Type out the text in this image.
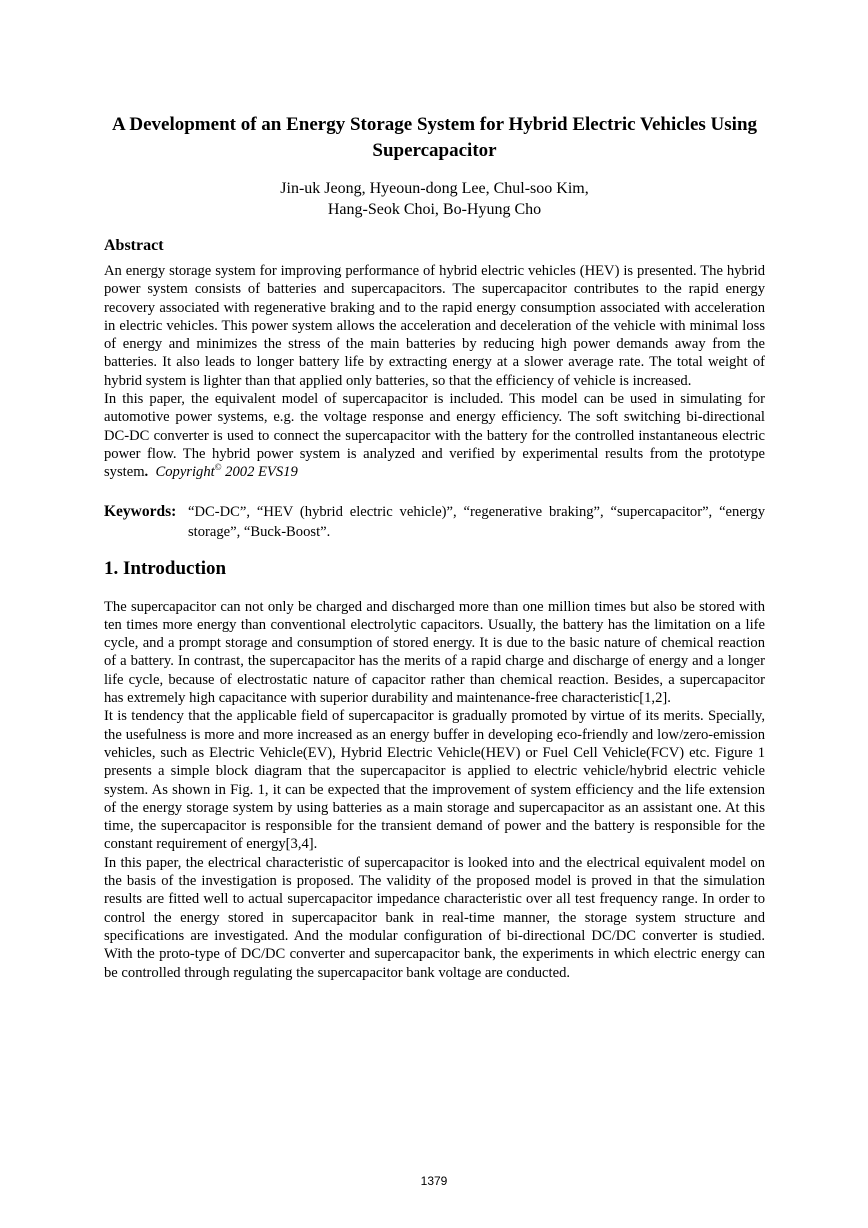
A Development of an Energy Storage System for Hybrid Electric Vehicles Using Supercapacitor
Jin-uk Jeong, Hyeoun-dong Lee, Chul-soo Kim,
Hang-Seok Choi, Bo-Hyung Cho
Abstract

An energy storage system for improving performance of hybrid electric vehicles (HEV) is presented. The hybrid power system consists of batteries and supercapacitors. The supercapacitor contributes to the rapid energy recovery associated with regenerative braking and to the rapid energy consumption associated with acceleration in electric vehicles. This power system allows the acceleration and deceleration of the vehicle with minimal loss of energy and minimizes the stress of the main batteries by reducing high power demands away from the batteries. It also leads to longer battery life by extracting energy at a slower average rate. The total weight of hybrid system is lighter than that applied only batteries, so that the efficiency of vehicle is increased.

In this paper, the equivalent model of supercapacitor is included. This model can be used in simulating for automotive power systems, e.g. the voltage response and energy efficiency. The soft switching bi-directional DC-DC converter is used to connect the supercapacitor with the battery for the controlled instantaneous electric power flow. The hybrid power system is analyzed and verified by experimental results from the prototype system. Copyright© 2002 EVS19

Keywords: “DC-DC”, “HEV (hybrid electric vehicle)”, “regenerative braking”, “supercapacitor”, “energy storage”, “Buck-Boost”.
1. Introduction

The supercapacitor can not only be charged and discharged more than one million times but also be stored with ten times more energy than conventional electrolytic capacitors. Usually, the battery has the limitation on a life cycle, and a prompt storage and consumption of stored energy. It is due to the basic nature of chemical reaction of a battery. In contrast, the supercapacitor has the merits of a rapid charge and discharge of energy and a longer life cycle, because of electrostatic nature of capacitor rather than chemical reaction. Besides, a supercapacitor has extremely high capacitance with superior durability and maintenance-free characteristic[1,2].

It is tendency that the applicable field of supercapacitor is gradually promoted by virtue of its merits. Specially, the usefulness is more and more increased as an energy buffer in developing eco-friendly and low/zero-emission vehicles, such as Electric Vehicle(EV), Hybrid Electric Vehicle(HEV) or Fuel Cell Vehicle(FCV) etc. Figure 1 presents a simple block diagram that the supercapacitor is applied to electric vehicle/hybrid electric vehicle system. As shown in Fig. 1, it can be expected that the improvement of system efficiency and the life extension of the energy storage system by using batteries as a main storage and supercapacitor as an assistant one. At this time, the supercapacitor is responsible for the transient demand of power and the battery is responsible for the constant requirement of energy[3,4].

In this paper, the electrical characteristic of supercapacitor is looked into and the electrical equivalent model on the basis of the investigation is proposed. The validity of the proposed model is proved in that the simulation results are fitted well to actual supercapacitor impedance characteristic over all test frequency range. In order to control the energy stored in supercapacitor bank in real-time manner, the storage system structure and specifications are investigated. And the modular configuration of bi-directional DC/DC converter is studied. With the proto-type of DC/DC converter and supercapacitor bank, the experiments in which electric energy can be controlled through regulating the supercapacitor bank voltage are conducted.

1379
